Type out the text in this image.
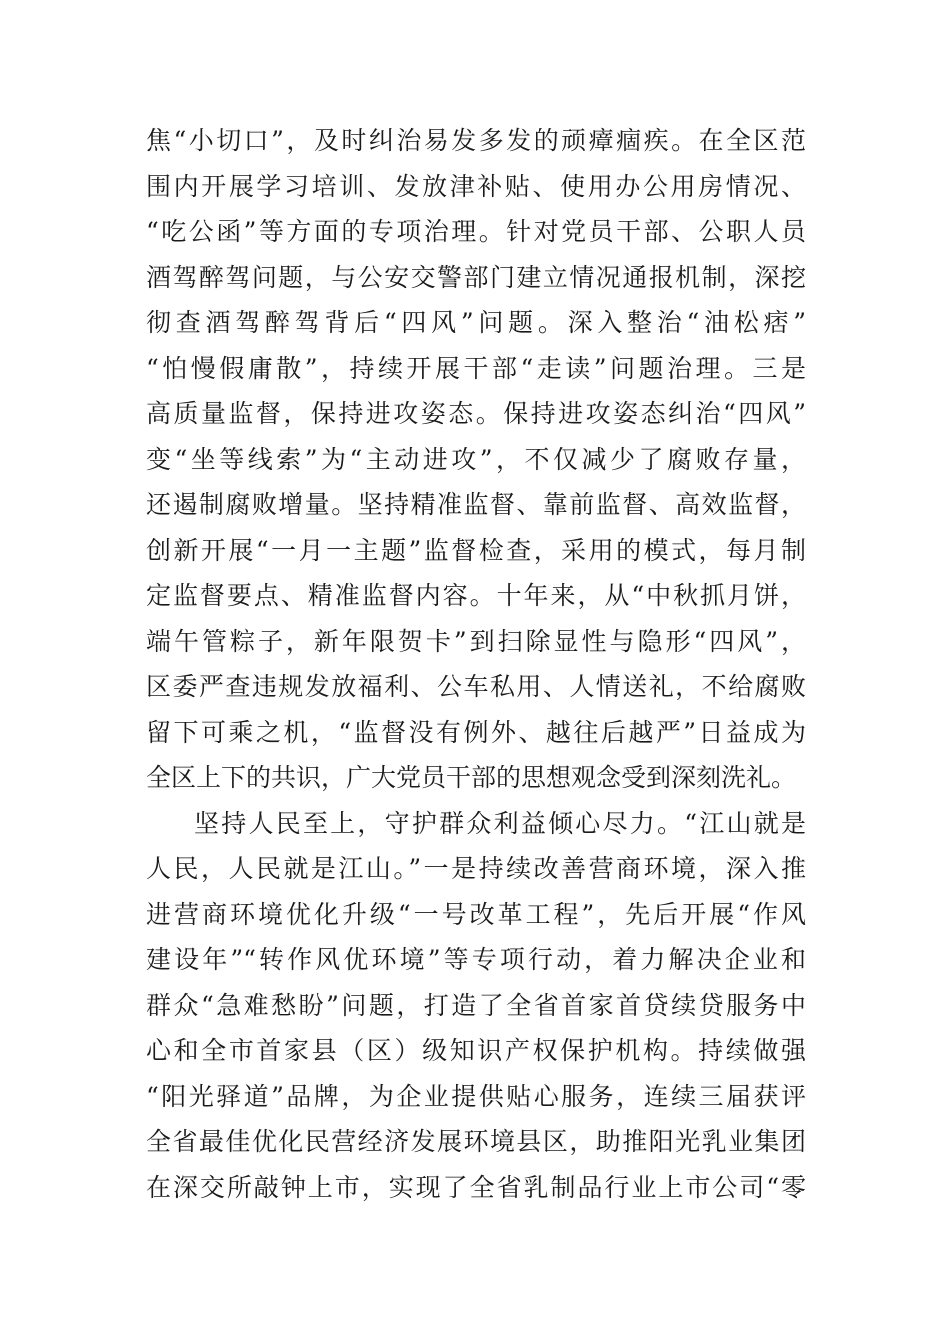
焦“小切口”，及时纠治易发多发的顽瘴痼疾。在全区范
围内开展学习培训、发放津补贴、使用办公用房情况、
“吃公函”等方面的专项治理。针对党员干部、公职人员
酒驾醉驾问题，与公安交警部门建立情况通报机制，深挖
彻查酒驾醉驾背后“四风”问题。深入整治“油松痞”
“怕慢假庸散”，持续开展干部“走读”问题治理。三是
高质量监督，保持进攻姿态。保持进攻姿态纠治“四风”
变“坐等线索”为“主动进攻”，不仅减少了腐败存量，
还遏制腐败增量。坚持精准监督、靠前监督、高效监督，
创新开展“一月一主题”监督检查，采用的模式，每月制
定监督要点、精准监督内容。十年来，从“中秋抓月饼，
端午管粽子，新年限贺卡”到扫除显性与隐形“四风”，
区委严查违规发放福利、公车私用、人情送礼，不给腐败
留下可乘之机，“监督没有例外、越往后越严”日益成为
全区上下的共识，广大党员干部的思想观念受到深刻洗礼。
坚持人民至上，守护群众利益倾心尽力。“江山就是
人民，人民就是江山。”一是持续改善营商环境，深入推
进营商环境优化升级“一号改革工程”，先后开展“作风
建设年”“转作风优环境”等专项行动，着力解决企业和
群众“急难愁盼”问题，打造了全省首家首贷续贷服务中
心和全市首家县（区）级知识产权保护机构。持续做强
“阳光驿道”品牌，为企业提供贴心服务，连续三届获评
全省最佳优化民营经济发展环境县区，助推阳光乳业集团
在深交所敲钟上市，实现了全省乳制品行业上市公司“零
